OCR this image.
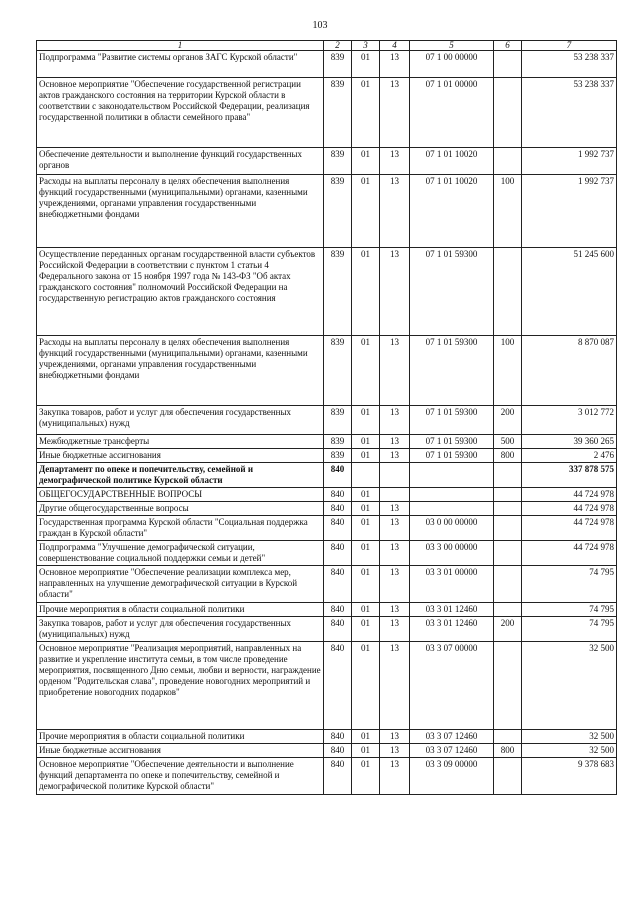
103
1	2	3	4	5	6	7
Подпрограмма "Развитие системы органов ЗАГС Курской области"	839	01	13	07 1 00 00000		53 238 337
Основное мероприятие "Обеспечение государственной регистрации актов гражданского состояния на территории Курской области в соответствии с законодательством Российской Федерации, реализация государственной политики в области семейного права"	839	01	13	07 1 01 00000		53 238 337
Обеспечение деятельности и выполнение функций государственных органов	839	01	13	07 1 01 10020		1 992 737
Расходы на выплаты персоналу в целях обеспечения выполнения функций государственными (муниципальными) органами, казенными учреждениями, органами управления государственными внебюджетными фондами	839	01	13	07 1 01 10020	100	1 992 737
Осуществление переданных органам государственной власти субъектов Российской Федерации в соответствии с пунктом 1 статьи 4 Федерального закона от 15 ноября 1997 года № 143-ФЗ "Об актах гражданского состояния" полномочий Российской Федерации на государственную регистрацию актов гражданского состояния	839	01	13	07 1 01 59300		51 245 600
Расходы на выплаты персоналу в целях обеспечения выполнения функций государственными (муниципальными) органами, казенными учреждениями, органами управления государственными внебюджетными фондами	839	01	13	07 1 01 59300	100	8 870 087
Закупка товаров, работ и услуг для обеспечения государственных (муниципальных) нужд	839	01	13	07 1 01 59300	200	3 012 772
Межбюджетные трансферты	839	01	13	07 1 01 59300	500	39 360 265
Иные бюджетные ассигнования	839	01	13	07 1 01 59300	800	2 476
Департамент по опеке и попечительству, семейной и демографической политике Курской области	840					337 878 575
ОБЩЕГОСУДАРСТВЕННЫЕ ВОПРОСЫ	840	01				44 724 978
Другие общегосударственные вопросы	840	01	13			44 724 978
Государственная программа Курской области "Социальная поддержка граждан в Курской области"	840	01	13	03 0 00 00000		44 724 978
Подпрограмма "Улучшение демографической ситуации, совершенствование социальной поддержки семьи и детей"	840	01	13	03 3 00 00000		44 724 978
Основное мероприятие "Обеспечение реализации комплекса мер, направленных на улучшение демографической ситуации в Курской области"	840	01	13	03 3 01 00000		74 795
Прочие мероприятия в области социальной политики	840	01	13	03 3 01 12460		74 795
Закупка товаров, работ и услуг для обеспечения государственных (муниципальных) нужд	840	01	13	03 3 01 12460	200	74 795
Основное мероприятие "Реализация мероприятий, направленных на развитие и укрепление института семьи, в том числе проведение мероприятия, посвященного Дню семьи, любви и верности, награждение орденом "Родительская слава", проведение новогодних мероприятий и приобретение новогодних подарков"	840	01	13	03 3 07 00000		32 500
Прочие мероприятия в области социальной политики	840	01	13	03 3 07 12460		32 500
Иные бюджетные ассигнования	840	01	13	03 3 07 12460	800	32 500
Основное мероприятие "Обеспечение деятельности и выполнение функций департамента по опеке и попечительству, семейной и демографической политике Курской области"	840	01	13	03 3 09 00000		9 378 683
